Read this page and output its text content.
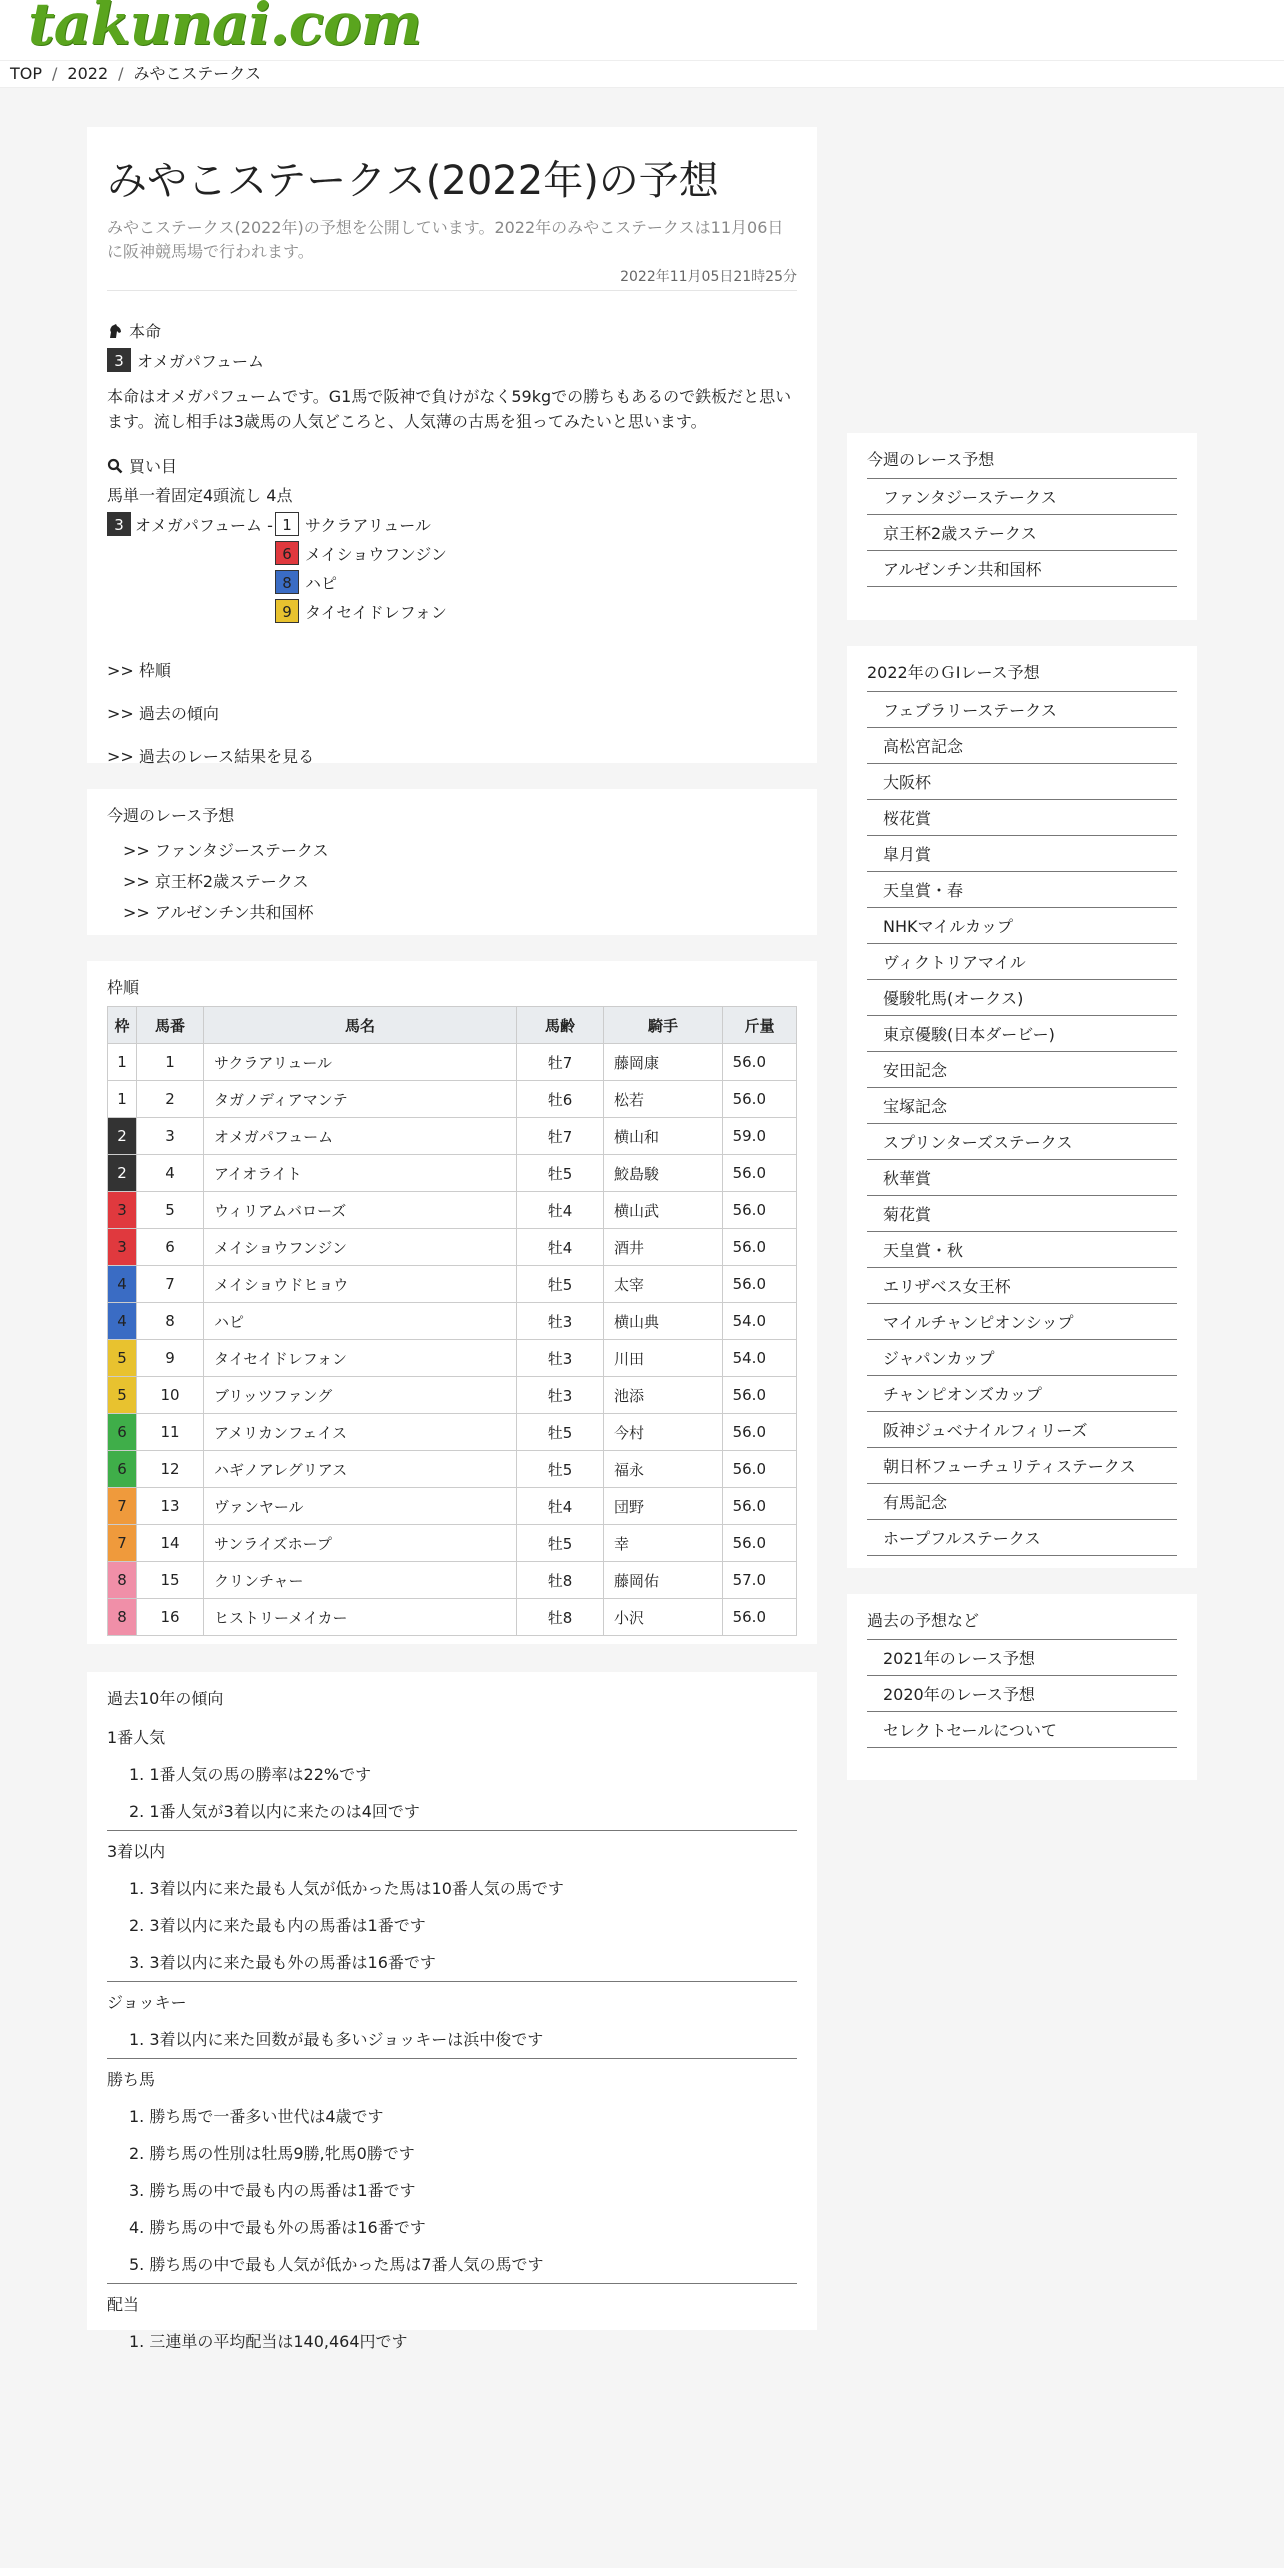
takunai.com
TOP / 2022 / みやこステークス
みやこステークス(2022年)の予想
みやこステークス(2022年)の予想を公開しています。2022年のみやこステークスは11月06日に阪神競馬場で行われます。
2022年11月05日21時25分
本命
3 オメガパフューム
本命はオメガパフュームです。G1馬で阪神で負けがなく59kgでの勝ちもあるので鉄板だと思います。流し相手は3歳馬の人気どころと、人気薄の古馬を狙ってみたいと思います。
買い目
馬単一着固定4頭流し 4点
3 オメガパフューム - 1 サクラアリュール
6 メイショウフンジン
8 ハピ
9 タイセイドレフォン
>> 枠順
>> 過去の傾向
>> 過去のレース結果を見る
今週のレース予想
>> ファンタジーステークス
>> 京王杯2歳ステークス
>> アルゼンチン共和国杯
枠順
枠	馬番	馬名	馬齢	騎手	斤量
1	1	サクラアリュール	牡7	藤岡康	56.0
1	2	タガノディアマンテ	牡6	松若	56.0
2	3	オメガパフューム	牡7	横山和	59.0
2	4	アイオライト	牡5	鮫島駿	56.0
3	5	ウィリアムバローズ	牡4	横山武	56.0
3	6	メイショウフンジン	牡4	酒井	56.0
4	7	メイショウドヒョウ	牡5	太宰	56.0
4	8	ハピ	牡3	横山典	54.0
5	9	タイセイドレフォン	牡3	川田	54.0
5	10	ブリッツファング	牡3	池添	56.0
6	11	アメリカンフェイス	牡5	今村	56.0
6	12	ハギノアレグリアス	牡5	福永	56.0
7	13	ヴァンヤール	牡4	団野	56.0
7	14	サンライズホープ	牡5	幸	56.0
8	15	クリンチャー	牡8	藤岡佑	57.0
8	16	ヒストリーメイカー	牡8	小沢	56.0
過去10年の傾向
1番人気
1. 1番人気の馬の勝率は22%です
2. 1番人気が3着以内に来たのは4回です
3着以内
1. 3着以内に来た最も人気が低かった馬は10番人気の馬です
2. 3着以内に来た最も内の馬番は1番です
3. 3着以内に来た最も外の馬番は16番です
ジョッキー
1. 3着以内に来た回数が最も多いジョッキーは浜中俊です
勝ち馬
1. 勝ち馬で一番多い世代は4歳です
2. 勝ち馬の性別は牡馬9勝,牝馬0勝です
3. 勝ち馬の中で最も内の馬番は1番です
4. 勝ち馬の中で最も外の馬番は16番です
5. 勝ち馬の中で最も人気が低かった馬は7番人気の馬です
配当
1. 三連単の平均配当は140,464円です
今週のレース予想
ファンタジーステークス
京王杯2歳ステークス
アルゼンチン共和国杯
2022年のＧⅠレース予想
フェブラリーステークス
高松宮記念
大阪杯
桜花賞
皐月賞
天皇賞・春
NHKマイルカップ
ヴィクトリアマイル
優駿牝馬(オークス)
東京優駿(日本ダービー)
安田記念
宝塚記念
スプリンターズステークス
秋華賞
菊花賞
天皇賞・秋
エリザベス女王杯
マイルチャンピオンシップ
ジャパンカップ
チャンピオンズカップ
阪神ジュベナイルフィリーズ
朝日杯フューチュリティステークス
有馬記念
ホープフルステークス
過去の予想など
2021年のレース予想
2020年のレース予想
セレクトセールについて
